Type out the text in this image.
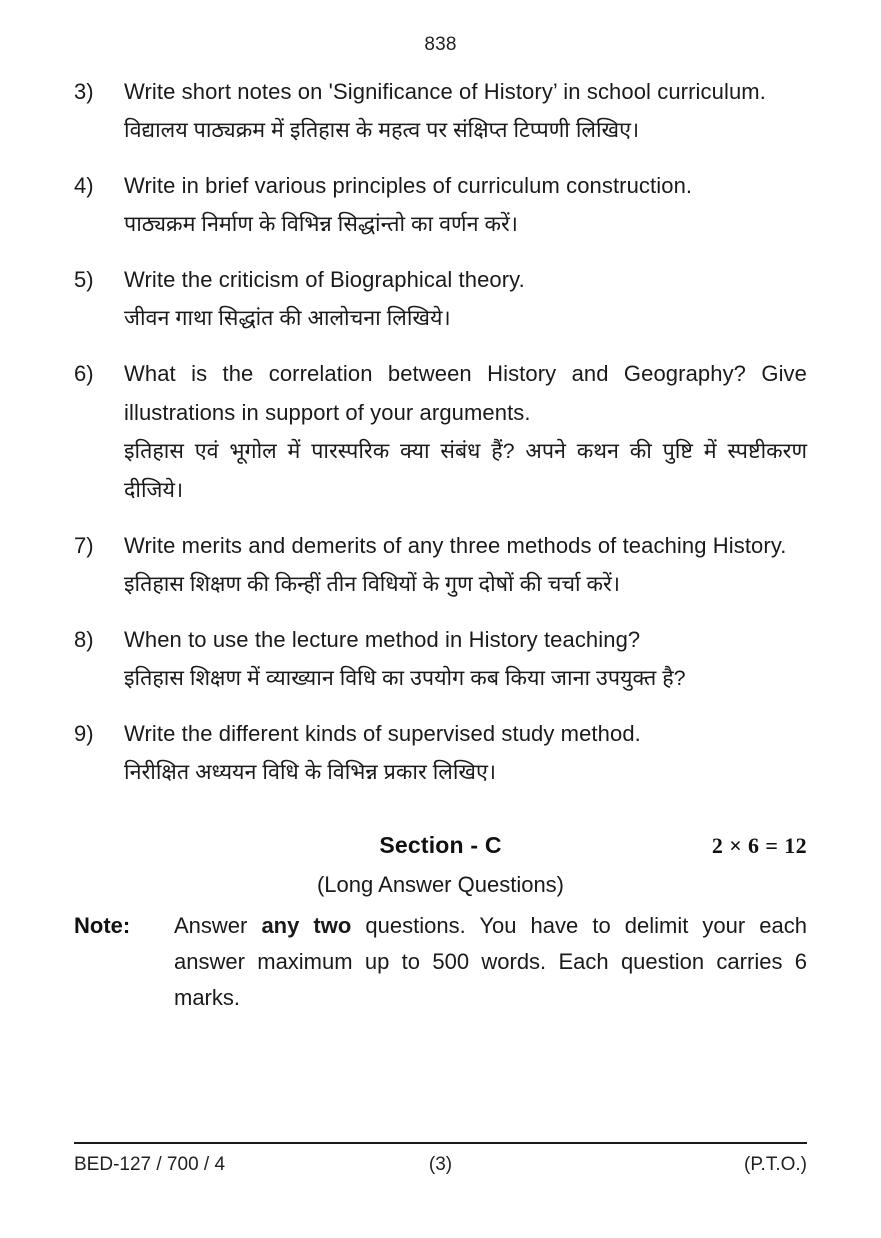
838
3)	Write short notes on 'Significance of History’ in school curriculum.
विद्यालय पाठ्यक्रम में इतिहास के महत्व पर संक्षिप्त टिप्पणी लिखिए।
4)	Write in brief various principles of curriculum construction.
पाठ्यक्रम निर्माण के विभिन्न सिद्धांन्तो का वर्णन करें।
5)	Write the criticism of Biographical theory.
जीवन गाथा सिद्धांत की आलोचना लिखिये।
6)	What is the correlation between History and Geography? Give illustrations in support of your arguments.
इतिहास एवं भूगोल में पारस्परिक क्या संबंध हैं? अपने कथन की पुष्टि में स्पष्टीकरण दीजिये।
7)	Write merits and demerits of any three methods of teaching History.
इतिहास शिक्षण की किन्हीं तीन विधियों के गुण दोषों की चर्चा करें।
8)	When to use the lecture method in History teaching?
इतिहास शिक्षण में व्याख्यान विधि का उपयोग कब किया जाना उपयुक्त है?
9)	Write the different kinds of supervised study method.
निरीक्षित अध्ययन विधि के विभिन्न प्रकार लिखिए।
Section - C	2 × 6 = 12
(Long Answer Questions)
Note:	Answer any two questions. You have to delimit your each answer maximum up to 500 words. Each question carries 6 marks.
BED-127 / 700 / 4	(3)	(P.T.O.)
